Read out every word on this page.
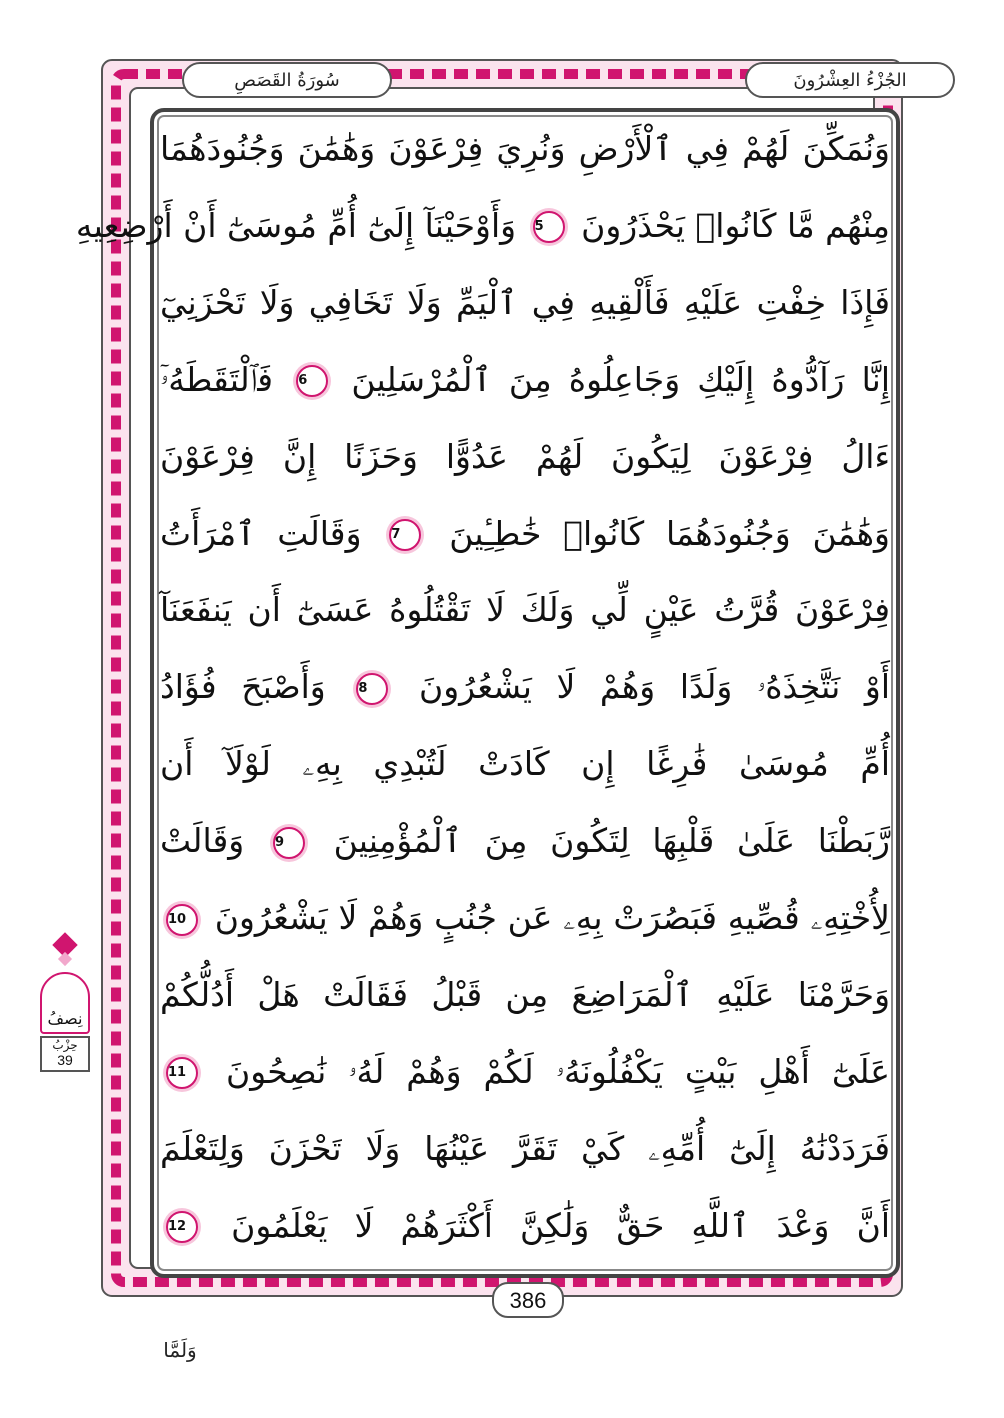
الجُزْءُ العِشْرُونَ
سُورَةُ القَصَصِ
وَنُمَكِّنَ لَهُمْ فِي ٱلْأَرْضِ وَنُرِيَ فِرْعَوْنَ وَهَٰمَٰنَ وَجُنُودَهُمَا
مِنْهُم مَّا كَانُوا۟ يَحْذَرُونَ 5 وَأَوْحَيْنَآ إِلَىٰٓ أُمِّ مُوسَىٰٓ أَنْ أَرْضِعِيهِ
فَإِذَا خِفْتِ عَلَيْهِ فَأَلْقِيهِ فِي ٱلْيَمِّ وَلَا تَخَافِي وَلَا تَحْزَنِيٓ
إِنَّا رَآدُّوهُ إِلَيْكِ وَجَاعِلُوهُ مِنَ ٱلْمُرْسَلِينَ 6 فَٱلْتَقَطَهُۥٓ
ءَالُ فِرْعَوْنَ لِيَكُونَ لَهُمْ عَدُوًّا وَحَزَنًا إِنَّ فِرْعَوْنَ
وَهَٰمَٰنَ وَجُنُودَهُمَا كَانُوا۟ خَٰطِـِٔينَ 7 وَقَالَتِ ٱمْرَأَتُ
فِرْعَوْنَ قُرَّتُ عَيْنٍ لِّي وَلَكَ لَا تَقْتُلُوهُ عَسَىٰٓ أَن يَنفَعَنَآ
أَوْ نَتَّخِذَهُۥ وَلَدًا وَهُمْ لَا يَشْعُرُونَ 8 وَأَصْبَحَ فُؤَادُ
أُمِّ مُوسَىٰ فَٰرِغًا إِن كَادَتْ لَتُبْدِي بِهِۦ لَوْلَآ أَن
رَّبَطْنَا عَلَىٰ قَلْبِهَا لِتَكُونَ مِنَ ٱلْمُؤْمِنِينَ 9 وَقَالَتْ
لِأُخْتِهِۦ قُصِّيهِ فَبَصُرَتْ بِهِۦ عَن جُنُبٍ وَهُمْ لَا يَشْعُرُونَ 10
وَحَرَّمْنَا عَلَيْهِ ٱلْمَرَاضِعَ مِن قَبْلُ فَقَالَتْ هَلْ أَدُلُّكُمْ
عَلَىٰٓ أَهْلِ بَيْتٍ يَكْفُلُونَهُۥ لَكُمْ وَهُمْ لَهُۥ نَٰصِحُونَ 11
فَرَدَدْنَٰهُ إِلَىٰٓ أُمِّهِۦ كَيْ تَقَرَّ عَيْنُهَا وَلَا تَحْزَنَ وَلِتَعْلَمَ
أَنَّ وَعْدَ ٱللَّهِ حَقٌّ وَلَٰكِنَّ أَكْثَرَهُمْ لَا يَعْلَمُونَ 12
386
وَلَمَّا
نِصفُ
حِزْبُ
39
